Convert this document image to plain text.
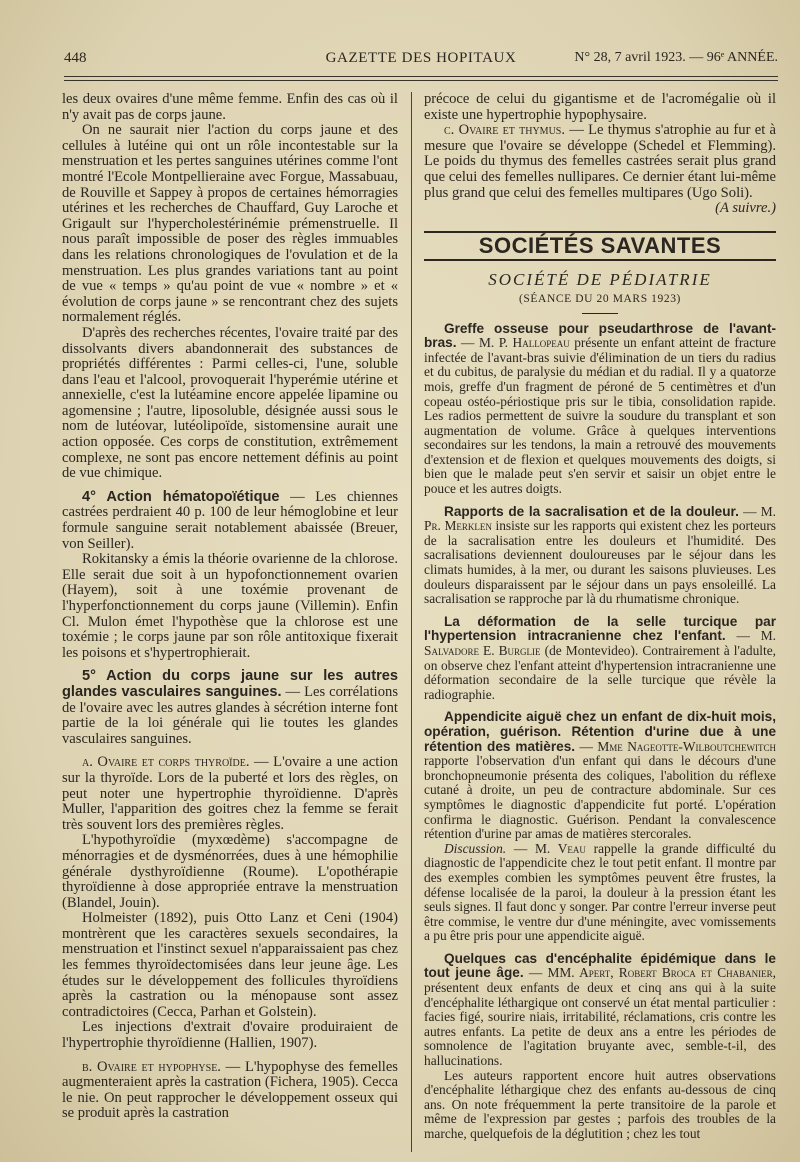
448	GAZETTE DES HOPITAUX	N° 28, 7 avril 1923. — 96ᵉ ANNÉE.

les deux ovaires d'une même femme. Enfin des cas où il n'y avait pas de corps jaune.

On ne saurait nier l'action du corps jaune et des cellules à lutéine qui ont un rôle incontestable sur la menstruation et les pertes sanguines utérines comme l'ont montré l'Ecole Montpellieraine avec Forgue, Massabuau, de Rouville et Sappey à propos de certaines hémorragies utérines et les recherches de Chauffard, Guy Laroche et Grigault sur l'hypercholestérinémie prémenstruelle. Il nous paraît impossible de poser des règles immuables dans les relations chronologiques de l'ovulation et de la menstruation. Les plus grandes variations tant au point de vue « temps » qu'au point de vue « nombre » et « évolution de corps jaune » se rencontrant chez des sujets normalement réglés.

D'après des recherches récentes, l'ovaire traité par des dissolvants divers abandonnerait des substances de propriétés différentes : Parmi celles-ci, l'une, soluble dans l'eau et l'alcool, provoquerait l'hyperémie utérine et annexielle, c'est la lutéamine encore appelée lipamine ou agomensine ; l'autre, liposoluble, désignée aussi sous le nom de lutéovar, lutéolipoïde, sistomensine aurait une action opposée. Ces corps de constitution, extrêmement complexe, ne sont pas encore nettement définis au point de vue chimique.

4° Action hématopoïétique — Les chiennes castrées perdraient 40 p. 100 de leur hémoglobine et leur formule sanguine serait notablement abaissée (Breuer, von Seiller).

Rokitansky a émis la théorie ovarienne de la chlorose. Elle serait due soit à un hypofonctionnement ovarien (Hayem), soit à une toxémie provenant de l'hyperfonctionnement du corps jaune (Villemin). Enfin Cl. Mulon émet l'hypothèse que la chlorose est une toxémie ; le corps jaune par son rôle antitoxique fixerait les poisons et s'hypertrophierait.

5° Action du corps jaune sur les autres glandes vasculaires sanguines. — Les corrélations de l'ovaire avec les autres glandes à sécrétion interne font partie de la loi générale qui lie toutes les glandes vasculaires sanguines.

a. Ovaire et corps thyroïde. — L'ovaire a une action sur la thyroïde. Lors de la puberté et lors des règles, on peut noter une hypertrophie thyroïdienne. D'après Muller, l'apparition des goitres chez la femme se ferait très souvent lors des premières règles.

L'hypothyroïdie (myxœdème) s'accompagne de ménorragies et de dysménorrées, dues à une hémophilie générale dysthyroïdienne (Roume). L'opothérapie thyroïdienne à dose appropriée entrave la menstruation (Blandel, Jouin).

Holmeister (1892), puis Otto Lanz et Ceni (1904) montrèrent que les caractères sexuels secondaires, la menstruation et l'instinct sexuel n'apparaissaient pas chez les femmes thyroïdectomisées dans leur jeune âge. Les études sur le développement des follicules thyroïdiens après la castration ou la ménopause sont assez contradictoires (Cecca, Parhan et Golstein).

Les injections d'extrait d'ovaire produiraient de l'hypertrophie thyroïdienne (Hallien, 1907).

b. Ovaire et hypophyse. — L'hypophyse des femelles augmenteraient après la castration (Fichera, 1905). Cecca le nie. On peut rapprocher le développement osseux qui se produit après la castration

précoce de celui du gigantisme et de l'acromégalie où il existe une hypertrophie hypophysaire.

c. Ovaire et thymus. — Le thymus s'atrophie au fur et à mesure que l'ovaire se développe (Schedel et Flemming). Le poids du thymus des femelles castrées serait plus grand que celui des femelles nullipares. Ce dernier étant lui-même plus grand que celui des femelles multipares (Ugo Soli).

( A suivre. )
SOCIÉTÉS SAVANTES
SOCIÉTÉ DE PÉDIATRIE
(SÉANCE DU 20 MARS 1923)

Greffe osseuse pour pseudarthrose de l'avant-bras. — M. P. Hallopeau présente un enfant atteint de fracture infectée de l'avant-bras suivie d'élimination de un tiers du radius et du cubitus, de paralysie du médian et du radial. Il y a quatorze mois, greffe d'un fragment de péroné de 5 centimètres et d'un copeau ostéo-périostique pris sur le tibia, consolidation rapide. Les radios permettent de suivre la soudure du transplant et son augmentation de volume. Grâce à quelques interventions secondaires sur les tendons, la main a retrouvé des mouvements d'extension et de flexion et quelques mouvements des doigts, si bien que le malade peut s'en servir et saisir un objet entre le pouce et les autres doigts.

Rapports de la sacralisation et de la douleur. — M. Pr. Merklen insiste sur les rapports qui existent chez les porteurs de la sacralisation entre les douleurs et l'humidité. Des sacralisations deviennent douloureuses par le séjour dans les climats humides, à la mer, ou durant les saisons pluvieuses. Les douleurs disparaissent par le séjour dans un pays ensoleillé. La sacralisation se rapproche par là du rhumatisme chronique.

La déformation de la selle turcique par l'hypertension intracranienne chez l'enfant. — M. Salvadore E. Burglie (de Montevideo). Contrairement à l'adulte, on observe chez l'enfant atteint d'hypertension intracranienne une déformation secondaire de la selle turcique que révèle la radiographie.

Appendicite aiguë chez un enfant de dix-huit mois, opération, guérison. Rétention d'urine due à une rétention des matières. — Mme Nageotte-Wilboutchewitch rapporte l'observation d'un enfant qui dans le décours d'une bronchopneumonie présenta des coliques, l'abolition du réflexe cutané à droite, un peu de contracture abdominale. Sur ces symptômes le diagnostic d'appendicite fut porté. L'opération confirma le diagnostic. Guérison. Pendant la convalescence rétention d'urine par amas de matières stercorales.

Discussion. — M. Veau rappelle la grande difficulté du diagnostic de l'appendicite chez le tout petit enfant. Il montre par des exemples combien les symptômes peuvent être frustes, la défense localisée de la paroi, la douleur à la pression étant les seuls signes. Il faut donc y songer. Par contre l'erreur inverse peut être commise, le ventre dur d'une méningite, avec vomissements a pu être pris pour une appendicite aiguë.

Quelques cas d'encéphalite épidémique dans le tout jeune âge. — MM. Apert, Robert Broca et Chabanier, présentent deux enfants de deux et cinq ans qui à la suite d'encéphalite léthargique ont conservé un état mental particulier : facies figé, sourire niais, irritabilité, réclamations, cris contre les autres enfants. La petite de deux ans a entre les périodes de somnolence de l'agitation bruyante avec, semble-t-il, des hallucinations.

Les auteurs rapportent encore huit autres observations d'encéphalite léthargique chez des enfants au-dessous de cinq ans. On note fréquemment la perte transitoire de la parole et même de l'expression par gestes ; parfois des troubles de la marche, quelquefois de la déglutition ; chez les tout
